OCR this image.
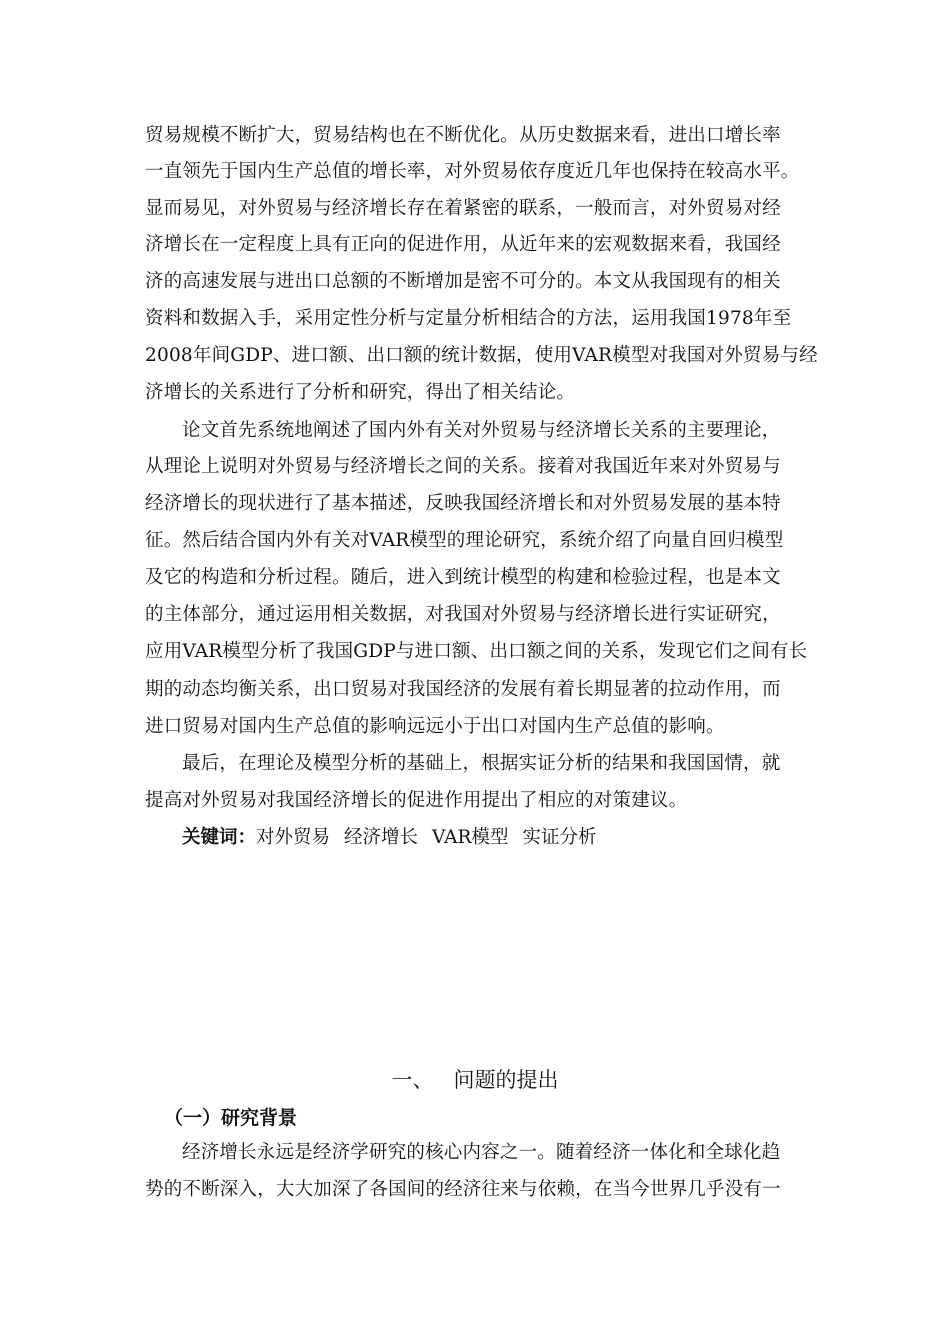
贸易规模不断扩大，贸易结构也在不断优化。从历史数据来看，进出口增长率
一直领先于国内生产总值的增长率，对外贸易依存度近几年也保持在较高水平。
显而易见，对外贸易与经济增长存在着紧密的联系，一般而言，对外贸易对经
济增长在一定程度上具有正向的促进作用，从近年来的宏观数据来看，我国经
济的高速发展与进出口总额的不断增加是密不可分的。本文从我国现有的相关
资料和数据入手，采用定性分析与定量分析相结合的方法，运用我国1978年至
2008年间GDP、进口额、出口额的统计数据，使用VAR模型对我国对外贸易与经
济增长的关系进行了分析和研究，得出了相关结论。
论文首先系统地阐述了国内外有关对外贸易与经济增长关系的主要理论，
从理论上说明对外贸易与经济增长之间的关系。接着对我国近年来对外贸易与
经济增长的现状进行了基本描述，反映我国经济增长和对外贸易发展的基本特
征。然后结合国内外有关对VAR模型的理论研究，系统介绍了向量自回归模型
及它的构造和分析过程。随后，进入到统计模型的构建和检验过程，也是本文
的主体部分，通过运用相关数据，对我国对外贸易与经济增长进行实证研究，
应用VAR模型分析了我国GDP与进口额、出口额之间的关系，发现它们之间有长
期的动态均衡关系，出口贸易对我国经济的发展有着长期显著的拉动作用，而
进口贸易对国内生产总值的影响远远小于出口对国内生产总值的影响。
最后，在理论及模型分析的基础上，根据实证分析的结果和我国国情，就
提高对外贸易对我国经济增长的促进作用提出了相应的对策建议。
关键词：对外贸易 经济增长 VAR模型 实证分析
一、 问题的提出
（一）研究背景
经济增长永远是经济学研究的核心内容之一。随着经济一体化和全球化趋
势的不断深入，大大加深了各国间的经济往来与依赖，在当今世界几乎没有一
